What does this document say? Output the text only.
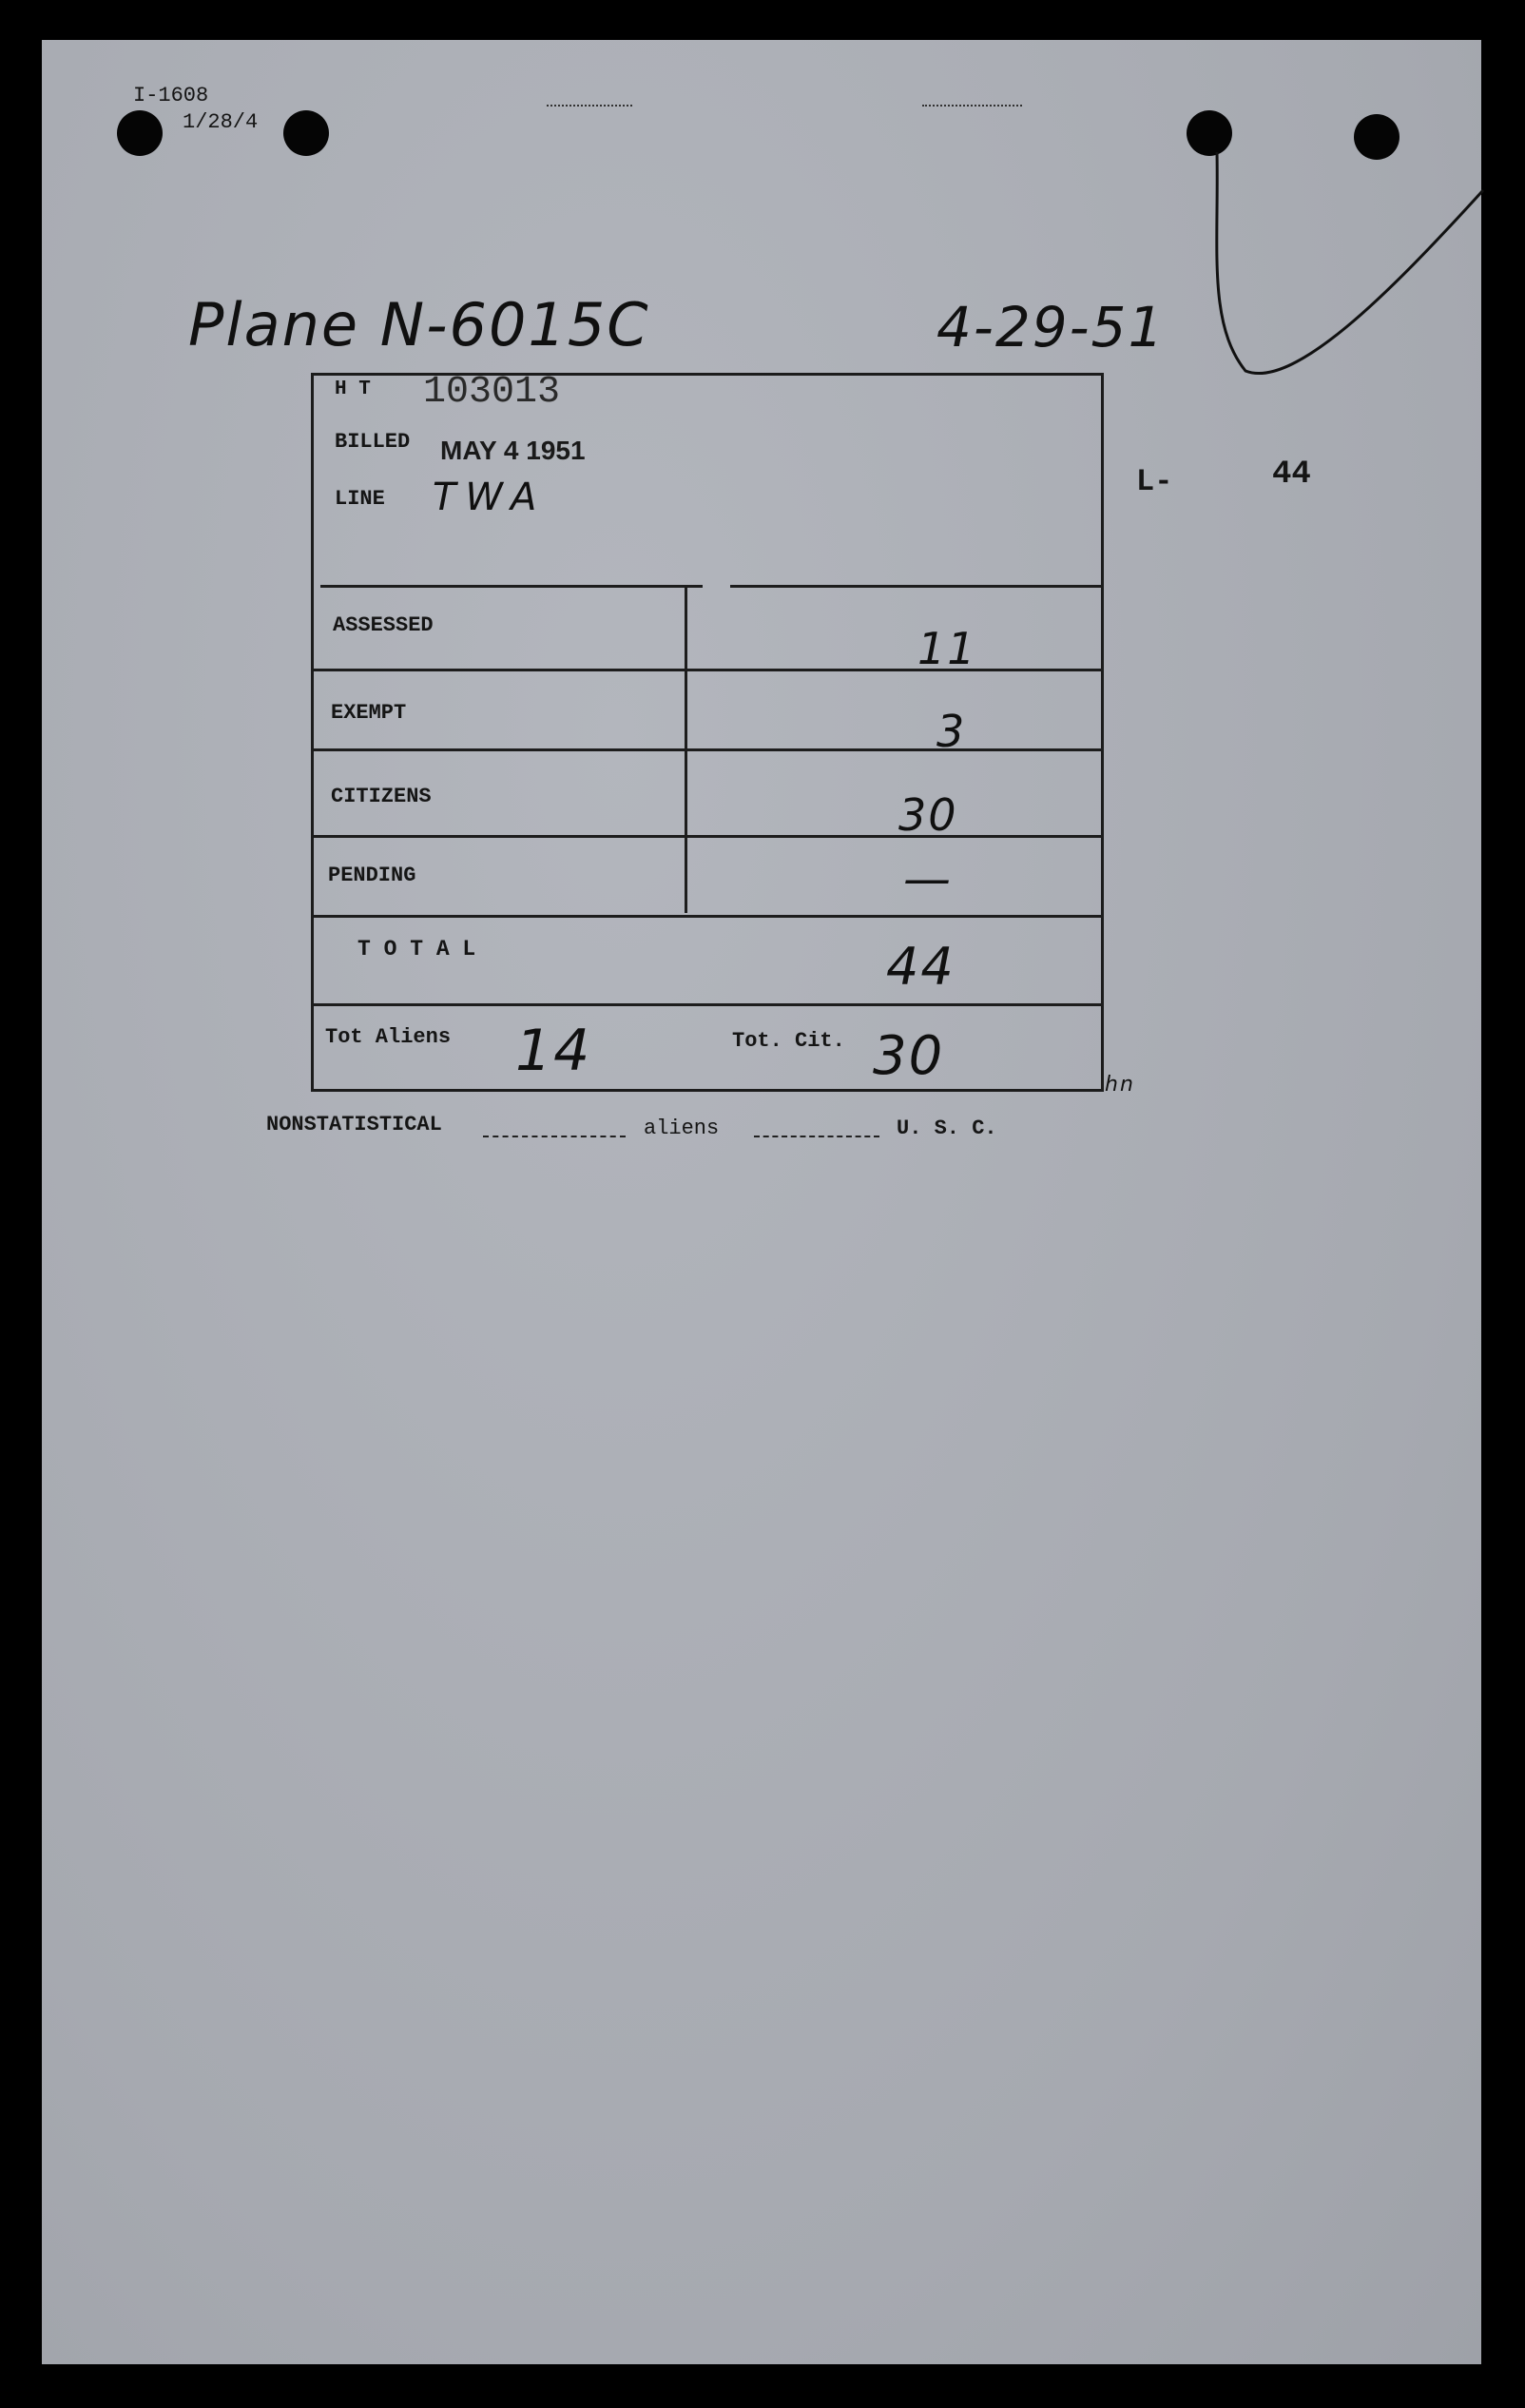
I-1608
1/28/4
Plane N-6015C	4-29-51
L-	44
H T 103013
BILLED MAY 4 1951
LINE TWA
ASSESSED	11
EXEMPT	3
CITIZENS	30
PENDING	—
T O T A L	44
Tot Aliens 14	Tot. Cit. 30	hn
NONSTATISTICAL	aliens	U. S. C.
